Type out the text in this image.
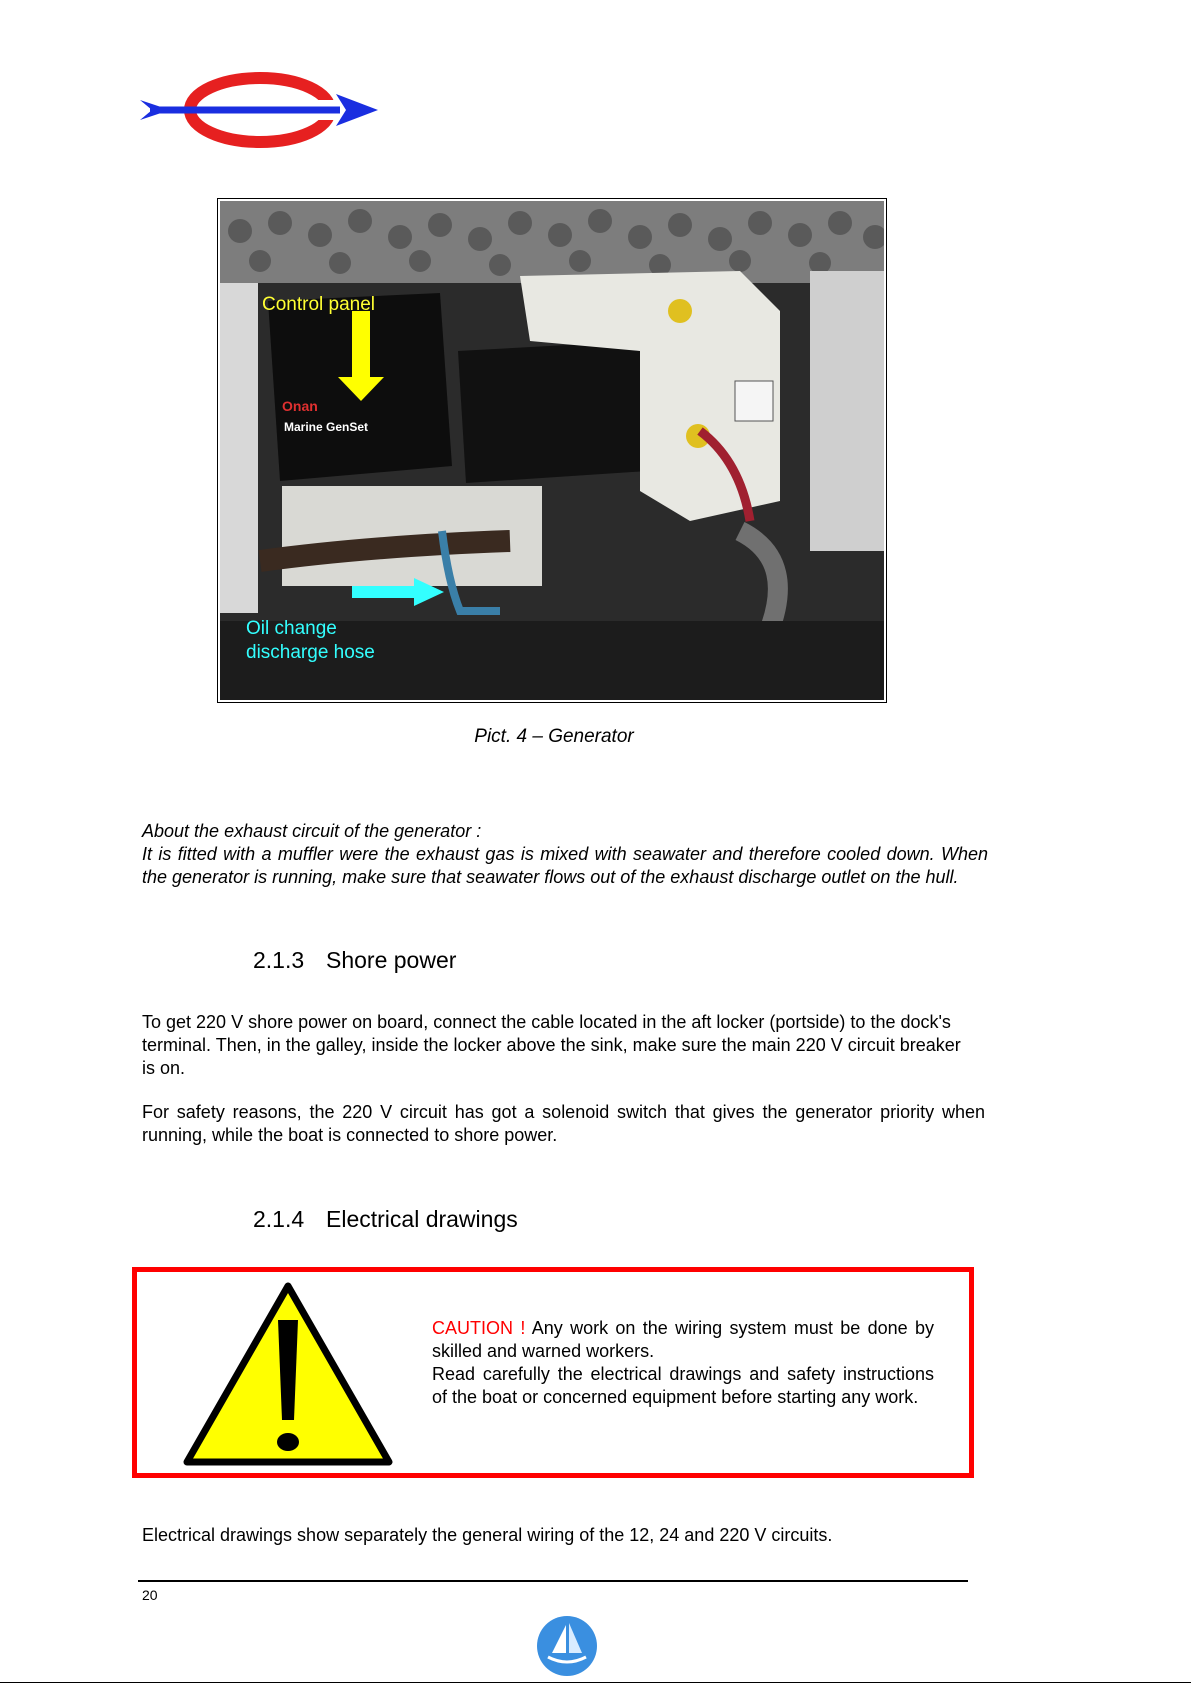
Onan
Marine GenSet
Control panel
Oil change discharge hose
Pict. 4 – Generator
About the exhaust circuit of the generator :
It is fitted with a muffler were the exhaust gas is mixed with seawater and therefore cooled down. When the generator is running, make sure that seawater flows out of the exhaust discharge outlet on the hull.
2.1.3 Shore power
To get 220 V shore power on board, connect the cable located in the aft locker (portside) to the dock's terminal. Then, in the galley, inside the locker above the sink, make sure the main 220 V circuit breaker is on.
For safety reasons, the 220 V circuit has got a solenoid switch that gives the generator priority when running, while the boat is connected to shore power.
2.1.4 Electrical drawings
CAUTION ! Any work on the wiring system must be done by skilled and warned workers.
Read carefully the electrical drawings and safety instructions of the boat or concerned equipment before starting any work.
Electrical drawings show separately the general wiring of the 12, 24 and 220 V circuits.
20
